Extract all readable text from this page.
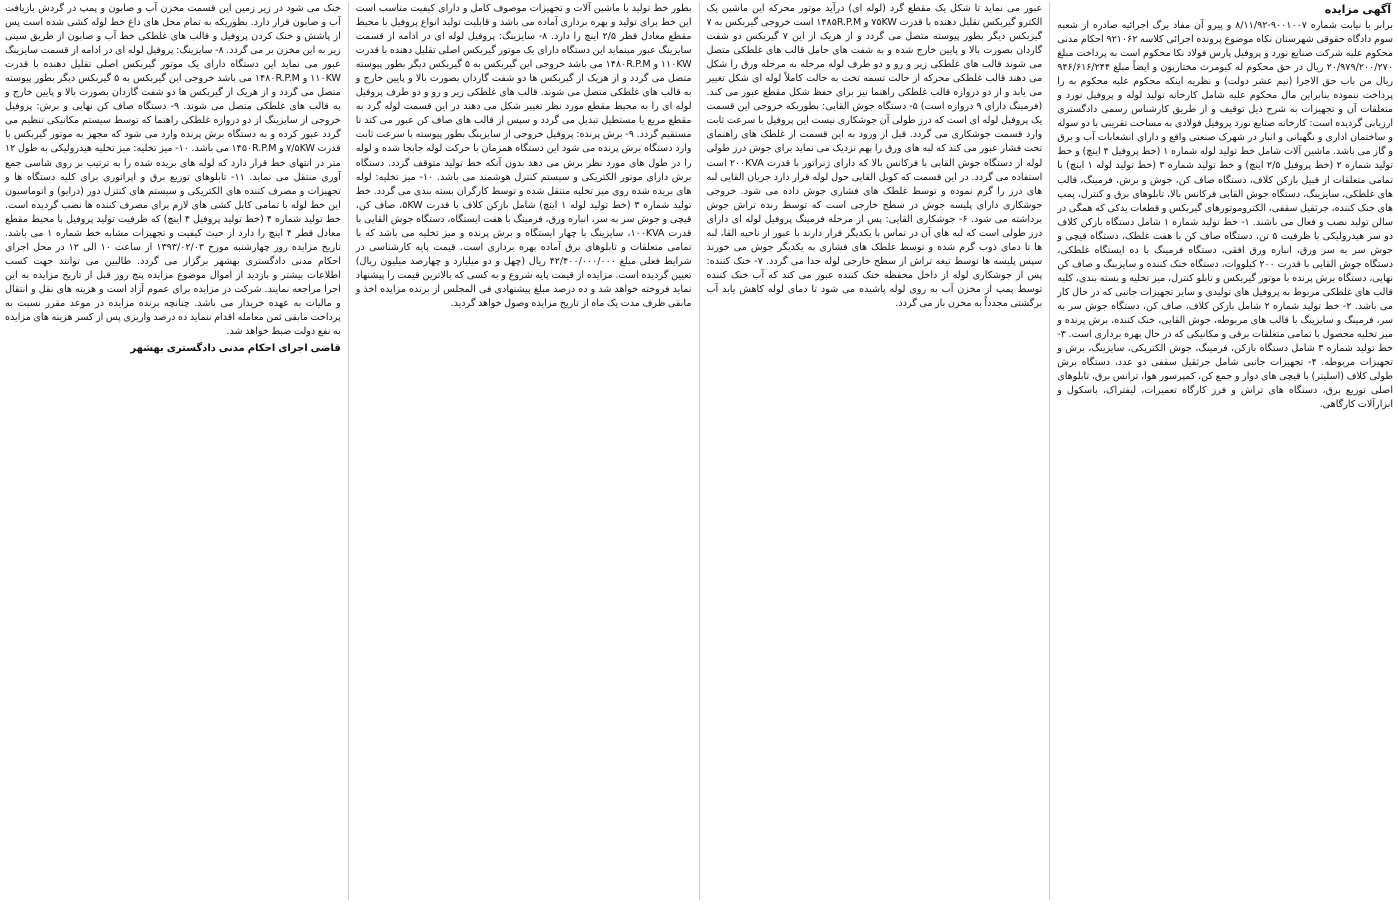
آگهی مزایده

برابر با نیابت شماره ۹۰۰۱۰۰۷-۸/۱۱/۹۲ و پیرو آن مفاد برگ اجرائیه صادره از شعبه سوم دادگاه حقوقی شهرستان نکاه موضوع پرونده اجرائی کلاسه ۹۲۱۰۶۲ احکام مدنی محکوم علیه شرکت صنایع نورد و پروفیل پارس فولاد نکا محکوم است به پرداخت مبلغ ۲۰/۹۷۹/۲۰۰/۲۷۰ ریال در حق محکوم له کیومرث مختاریون و ایضاً مبلغ ۹۴۶/۶۱۶/۲۴۴ ریال من باب حق الاجرا (نیم عشر دولت) و نظریه اینکه محکوم علیه محکوم به را پرداخت ننموده بنابراین مال محکوم علیه شامل کارخانه تولید لوله و پروفیل نورد و متعلقات آن و تجهیزات به شرح ذیل توقیف و از طریق کارشناس رسمی دادگستری ارزیابی گردیده است: کارخانه صنایع نورد پروفیل فولادی به مساحت تقریبی با دو سوله و ساختمان اداری و نگهبانی و انبار در شهرک صنعتی واقع و دارای انشعابات آب و برق و گاز می باشد. ماشین آلات شامل خط تولید لوله شماره ۱ (خط پروفیل ۴ اینچ) و خط تولید شماره ۲ (خط پروفیل ۲/۵ اینچ) و خط تولید شماره ۳ (خط تولید لوله ۱ اینچ) با تمامی متعلقات از قبیل بازکن کلاف، دستگاه صاف کن، جوش و برش، فرمینگ، قالب های غلطکی، سایزینگ، دستگاه جوش القایی فرکانس بالا، تابلوهای برق و کنترل، پمپ های خنک کننده، جرثقیل سقفی، الکتروموتورهای گیربکس و قطعات یدکی که همگی در سالن تولید نصب و فعال می باشند. ۱- خط تولید شماره ۱ شامل دستگاه بازکن کلاف دو سر هیدرولیکی با ظرفیت ۵ تن، دستگاه صاف کن با هفت غلطک، دستگاه قیچی و جوش سر به سر ورق، انباره ورق افقی، دستگاه فرمینگ با ده ایستگاه غلطکی، دستگاه جوش القایی با قدرت ۲۰۰ کیلووات، دستگاه خنک کننده و سایزینگ و صاف کن نهایی، دستگاه برش پرنده با موتور گیربکس و تابلو کنترل، میز تخلیه و بسته بندی، کلیه قالب های غلطکی مربوط به پروفیل های تولیدی و سایر تجهیزات جانبی که در حال کار می باشد. ۲- خط تولید شماره ۲ شامل بازکن کلاف، صاف کن، دستگاه جوش سر به سر، فرمینگ و سایزینگ با قالب های مربوطه، جوش القایی، خنک کننده، برش پرنده و میز تخلیه محصول با تمامی متعلقات برقی و مکانیکی که در حال بهره برداری است. ۳- خط تولید شماره ۳ شامل دستگاه بازکن، فرمینگ، جوش الکتریکی، سایزینگ، برش و تجهیزات مربوطه. ۴- تجهیزات جانبی شامل جرثقیل سقفی دو عدد، دستگاه برش طولی کلاف (اسلیتر) با قیچی های دوار و جمع کن، کمپرسور هوا، ترانس برق، تابلوهای اصلی توزیع برق، دستگاه های تراش و فرز کارگاه تعمیرات، لیفتراک، باسکول و ابزارآلات کارگاهی.

عبور می نماید تا شکل یک مقطع گرد (لوله ای) درآید موتور محرکه این ماشین یک الکترو گیربکس تقلیل دهنده با قدرت ۷۵KW و ۱۴۸۵R.P.M است خروجی گیربکس به ۷ گیربکس دیگر بطور پیوسته متصل می گردد و از هریک از این ۷ گیربکس دو شفت گاردان بصورت بالا و پایین خارج شده و به شفت های حامل قالب های غلطکی متصل می شوند قالب های غلطکی زیر و رو و دو طرف لوله مرحله به مرحله ورق را شکل می دهند قالب غلطکی محرکه از حالت تسمه تخت به حالت کاملاً لوله ای شکل تغییر می یابد و از دو دروازه قالب غلطکی راهنما نیز برای حفظ شکل مقطع عبور می کند. (فرمینگ دارای ۹ دروازه است) ۵- دستگاه جوش القایی: بطوریکه خروجی این قسمت یک پروفیل لوله ای است که درز طولی آن جوشکاری نیست این پروفیل با سرعت ثابت وارد قسمت جوشکاری می گردد. قبل از ورود به این قسمت از غلطک های راهنمای تحت فشار عبور می کند که لبه های ورق را بهم نزدیک می نماید برای جوش درز طولی لوله از دستگاه جوش القایی با فرکانس بالا که دارای ژنراتور با قدرت ۲۰۰KVA است استفاده می گردد. در این قسمت که کویل القایی حول لوله قرار دارد جریان القایی لبه های درز را گرم نموده و توسط غلطک های فشاری جوش داده می شود. خروجی جوشکاری دارای پلیسه جوش در سطح خارجی است که توسط رنده تراش جوش برداشته می شود. ۶- جوشکاری القایی: پس از مرحله فرمینگ پروفیل لوله ای دارای درز طولی است که لبه های آن در تماس با یکدیگر قرار دارند با عبور از ناحیه القا، لبه ها تا دمای ذوب گرم شده و توسط غلطک های فشاری به یکدیگر جوش می خورند سپس پلیسه ها توسط تیغه تراش از سطح خارجی لوله جدا می گردد. ۷- خنک کننده: پس از جوشکاری لوله از داخل محفظه خنک کننده عبور می کند که آب خنک کننده توسط پمپ از مخزن آب به روی لوله پاشیده می شود تا دمای لوله کاهش یابد آب برگشتی مجدداً به مخزن باز می گردد.

بطور خط تولید با ماشین آلات و تجهیزات موصوف کامل و دارای کیفیت مناسب است این خط برای تولید و بهره برداری آماده می باشد و قابلیت تولید انواع پروفیل با محیط مقطع معادل قطر ۲/۵ اینچ را دارد. ۸- سایزینگ: پروفیل لوله ای در ادامه از قسمت سایزینگ عبور مینماید این دستگاه دارای یک موتور گیربکس اصلی تقلیل دهنده با قدرت ۱۱۰KW و ۱۴۸۰R.P.M می باشد خروجی این گیربکس به ۵ گیربکس دیگر بطور پیوسته متصل می گردد و از هریک از گیربکس ها دو شفت گاردان بصورت بالا و پایین خارج و به قالب های غلطکی متصل می شوند. قالب های غلطکی زیر و رو و دو طرف پروفیل لوله ای را به محیط مقطع مورد نظر تغییر شکل می دهند در این قسمت لوله گرد به مقطع مربع یا مستطیل تبدیل می گردد و سپس از قالب های صاف کن عبور می کند تا مستقیم گردد. ۹- برش پرنده: پروفیل خروجی از سایزینگ بطور پیوسته با سرعت ثابت وارد دستگاه برش پرنده می شود این دستگاه همزمان با حرکت لوله جابجا شده و لوله را در طول های مورد نظر برش می دهد بدون آنکه خط تولید متوقف گردد. دستگاه برش دارای موتور الکتریکی و سیستم کنترل هوشمند می باشد. ۱۰- میز تخلیه: لوله های بریده شده روی میز تخلیه منتقل شده و توسط کارگران بسته بندی می گردد. خط تولید شماره ۳ (خط تولید لوله ۱ اینچ) شامل بازکن کلاف با قدرت ۵KW، صاف کن، قیچی و جوش سر به سر، انباره ورق، فرمینگ با هفت ایستگاه، دستگاه جوش القایی با قدرت ۱۰۰KVA، سایزینگ با چهار ایستگاه و برش پرنده و میز تخلیه می باشد که با تمامی متعلقات و تابلوهای برق آماده بهره برداری است. قیمت پایه کارشناسی در شرایط فعلی مبلغ ۴۲/۴۰۰/۰۰۰/۰۰۰ ریال (چهل و دو میلیارد و چهارصد میلیون ریال) تعیین گردیده است. مزایده از قیمت پایه شروع و به کسی که بالاترین قیمت را پیشنهاد نماید فروخته خواهد شد و ده درصد مبلغ پیشنهادی فی المجلس از برنده مزایده اخذ و مابقی ظرف مدت یک ماه از تاریخ مزایده وصول خواهد گردید.

خنک می شود در زیر زمین این قسمت مخزن آب و صابون و پمپ در گردش بازیافت آب و صابون قرار دارد. بطوریکه به تمام محل های داغ خط لوله کشی شده است پس از پاشش و خنک کردن پروفیل و قالب های غلطکی خط آب و صابون از طریق سینی زیر به این مخزن بر می گردد. ۸- سایزینگ: پروفیل لوله ای در ادامه از قسمت سایزینگ عبور می نماید این دستگاه دارای یک موتور گیربکس اصلی تقلیل دهنده با قدرت ۱۱۰KW و ۱۴۸۰R.P.M می باشد خروجی این گیربکس به ۵ گیربکس دیگر بطور پیوسته متصل می گردد و از هریک از گیربکس ها دو شفت گاردان بصورت بالا و پایین خارج و به قالب های غلطکی متصل می شوند. ۹- دستگاه صاف کن نهایی و برش: پروفیل خروجی از سایزینگ از دو دروازه غلطکی راهنما که توسط سیستم مکانیکی تنظیم می گردد عبور کرده و به دستگاه برش پرنده وارد می شود که مجهز به موتور گیربکس با قدرت ۷/۵KW و ۱۴۵۰R.P.M می باشد. ۱۰- میز تخلیه: میز تخلیه هیدرولیکی به طول ۱۲ متر در انتهای خط قرار دارد که لوله های بریده شده را به ترتیب بر روی شاسی جمع آوری منتقل می نماید. ۱۱- تابلوهای توزیع برق و اپراتوری برای کلیه دستگاه ها و تجهیزات و مصرف کننده های الکتریکی و سیستم های کنترل دور (درایو) و اتوماسیون این خط لوله با تمامی کابل کشی های لازم برای مصرف کننده ها نصب گردیده است. خط تولید شماره ۴ (خط تولید پروفیل ۴ اینچ) که ظرفیت تولید پروفیل با محیط مقطع معادل قطر ۴ اینچ را دارد از حیث کیفیت و تجهیزات مشابه خط شماره ۱ می باشد. تاریخ مزایده روز چهارشنبه مورخ ۱۳۹۳/۰۲/۰۳ از ساعت ۱۰ الی ۱۲ در محل اجرای احکام مدنی دادگستری بهشهر برگزار می گردد. طالبین می توانند جهت کسب اطلاعات بیشتر و بازدید از اموال موضوع مزایده پنج روز قبل از تاریخ مزایده به این اجرا مراجعه نمایند. شرکت در مزایده برای عموم آزاد است و هزینه های نقل و انتقال و مالیات به عهده خریدار می باشد. چنانچه برنده مزایده در موعد مقرر نسبت به پرداخت مابقی ثمن معامله اقدام ننماید ده درصد واریزی پس از کسر هزینه های مزایده به نفع دولت ضبط خواهد شد.

قاضی اجرای احکام مدنی دادگستری بهشهر
